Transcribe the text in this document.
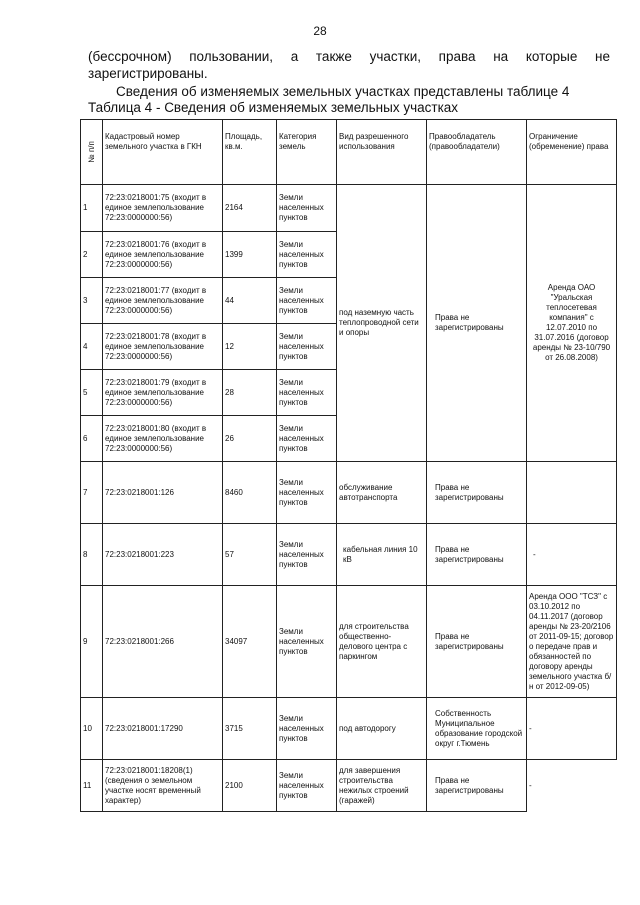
28
(бессрочном) пользовании, а также участки, права на которые не зарегистрированы.
Сведения об изменяемых земельных участках представлены таблице 4
Таблица 4 - Сведения об изменяемых земельных участках
№ п/п	Кадастровый номер земельного участка в ГКН	Площадь, кв.м.	Категория земель	Вид разрешенного использования	Правообладатель (правообладатели)	Ограничение (обременение) права
1	72:23:0218001:75 (входит в единое землепользование 72:23:0000000:56)	2164	Земли населенных пунктов	под наземную часть теплопроводной сети и опоры	Права не зарегистрированы	Аренда ОАО "Уральская теплосетевая компания" с 12.07.2010 по 31.07.2016 (договор аренды № 23-10/790 от 26.08.2008)
2	72:23:0218001:76 (входит в единое землепользование 72:23:0000000:56)	1399	Земли населенных пунктов			
3	72:23:0218001:77 (входит в единое землепользование 72:23:0000000:56)	44	Земли населенных пунктов			
4	72:23:0218001:78 (входит в единое землепользование 72:23:0000000:56)	12	Земли населенных пунктов			
5	72:23:0218001:79 (входит в единое землепользование 72:23:0000000:56)	28	Земли населенных пунктов			
6	72:23:0218001:80 (входит в единое землепользование 72:23:0000000:56)	26	Земли населенных пунктов			
7	72:23:0218001:126	8460	Земли населенных пунктов	обслуживание автотранспорта	Права не зарегистрированы	
8	72:23:0218001:223	57	Земли населенных пунктов	кабельная линия 10 кВ	Права не зарегистрированы	-
9	72:23:0218001:266	34097	Земли населенных пунктов	для строительства общественно-делового центра с паркингом	Права не зарегистрированы	Аренда ООО "ТСЗ" с 03.10.2012 по 04.11.2017 (договор аренды № 23-20/2106 от 2011-09-15; договор о передаче прав и обязанностей по договору аренды земельного участка б/н от 2012-09-05)
10	72:23:0218001:17290	3715	Земли населенных пунктов	под автодорогу	Собственность Муниципальное образование городской округ г.Тюмень	-
11	72:23:0218001:18208(1) (сведения о земельном участке носят временный характер)	2100	Земли населенных пунктов	для завершения строительства нежилых строений (гаражей)	Права не зарегистрированы	-
